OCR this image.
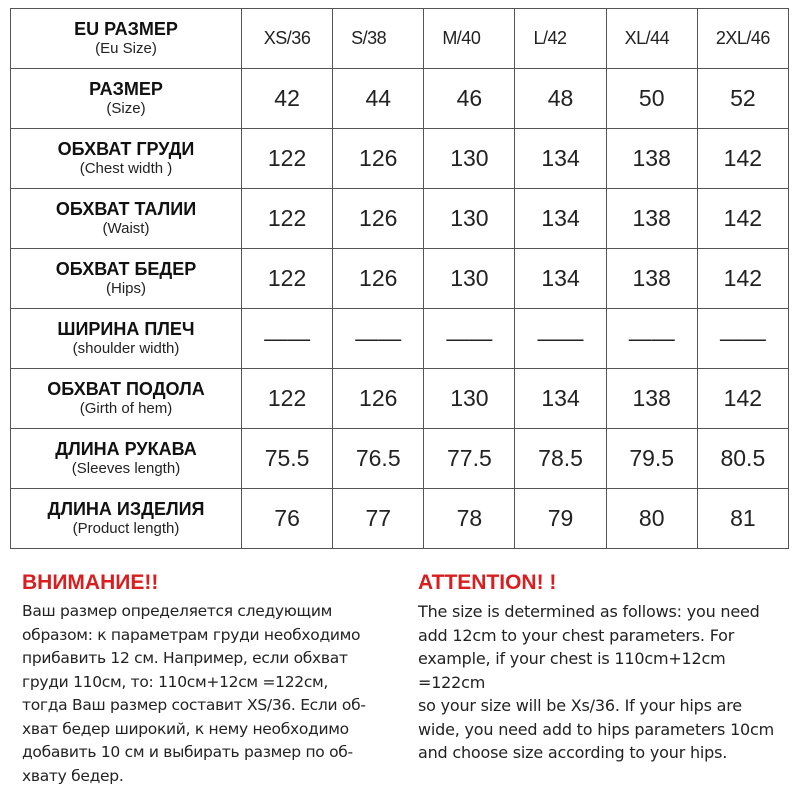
EU РАЗМЕР
(Eu Size)	XS/36	S/38	M/40	L/42	XL/44	2XL/46

РАЗМЕР
(Size)	42	44	46	48	50	52

ОБХВАТ ГРУДИ
(Chest width )	122	126	130	134	138	142

ОБХВАТ ТАЛИИ
(Waist)	122	126	130	134	138	142

ОБХВАТ БЕДЕР
(Hips)	122	126	130	134	138	142

ШИРИНА ПЛЕЧ
(shoulder width)	——	——	——	——	——	——

ОБХВАТ ПОДОЛА
(Girth of hem)	122	126	130	134	138	142

ДЛИНА РУКАВА
(Sleeves length)	75.5	76.5	77.5	78.5	79.5	80.5

ДЛИНА ИЗДЕЛИЯ
(Product length)	76	77	78	79	80	81
ВНИМАНИЕ!!
Ваш размер определяется следующим
образом: к параметрам груди необходимо
прибавить 12 см. Например, если обхват
груди 110см, то: 110см+12см =122см,
тогда Ваш размер составит XS/36. Если об-
хват бедер широкий, к нему необходимо
добавить 10 см и выбирать размер по об-
хвату бедер.
ATTENTION! !
The size is determined as follows: you need
add 12cm to your chest parameters. For
example, if your chest is 110cm+12cm =122cm
so your size will be Xs/36. If your hips are
wide, you need add to hips parameters 10cm
and choose size according to your hips.
